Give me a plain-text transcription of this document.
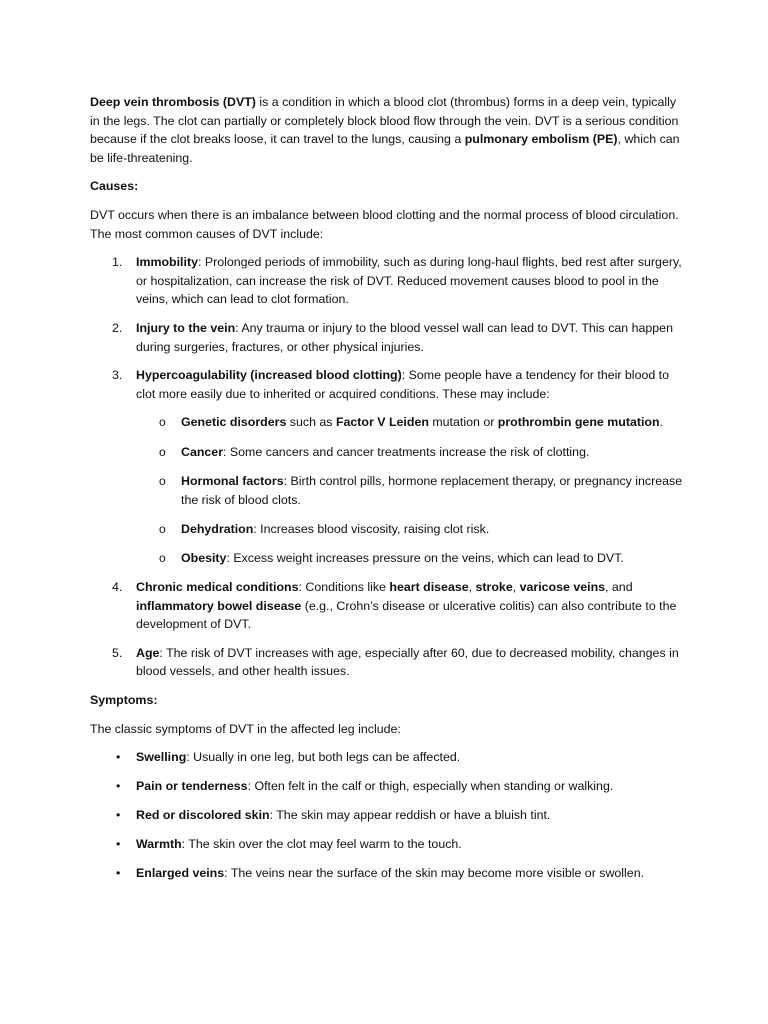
Deep vein thrombosis (DVT) is a condition in which a blood clot (thrombus) forms in a deep vein, typically in the legs. The clot can partially or completely block blood flow through the vein. DVT is a serious condition because if the clot breaks loose, it can travel to the lungs, causing a pulmonary embolism (PE), which can be life-threatening.

Causes:

DVT occurs when there is an imbalance between blood clotting and the normal process of blood circulation. The most common causes of DVT include:

1. Immobility: Prolonged periods of immobility, such as during long-haul flights, bed rest after surgery, or hospitalization, can increase the risk of DVT. Reduced movement causes blood to pool in the veins, which can lead to clot formation.
2. Injury to the vein: Any trauma or injury to the blood vessel wall can lead to DVT. This can happen during surgeries, fractures, or other physical injuries.
3. Hypercoagulability (increased blood clotting): Some people have a tendency for their blood to clot more easily due to inherited or acquired conditions. These may include:
o Genetic disorders such as Factor V Leiden mutation or prothrombin gene mutation.
o Cancer: Some cancers and cancer treatments increase the risk of clotting.
o Hormonal factors: Birth control pills, hormone replacement therapy, or pregnancy increase the risk of blood clots.
o Dehydration: Increases blood viscosity, raising clot risk.
o Obesity: Excess weight increases pressure on the veins, which can lead to DVT.
4. Chronic medical conditions: Conditions like heart disease, stroke, varicose veins, and inflammatory bowel disease (e.g., Crohn’s disease or ulcerative colitis) can also contribute to the development of DVT.
5. Age: The risk of DVT increases with age, especially after 60, due to decreased mobility, changes in blood vessels, and other health issues.

Symptoms:

The classic symptoms of DVT in the affected leg include:

• Swelling: Usually in one leg, but both legs can be affected.
• Pain or tenderness: Often felt in the calf or thigh, especially when standing or walking.
• Red or discolored skin: The skin may appear reddish or have a bluish tint.
• Warmth: The skin over the clot may feel warm to the touch.
• Enlarged veins: The veins near the surface of the skin may become more visible or swollen.
